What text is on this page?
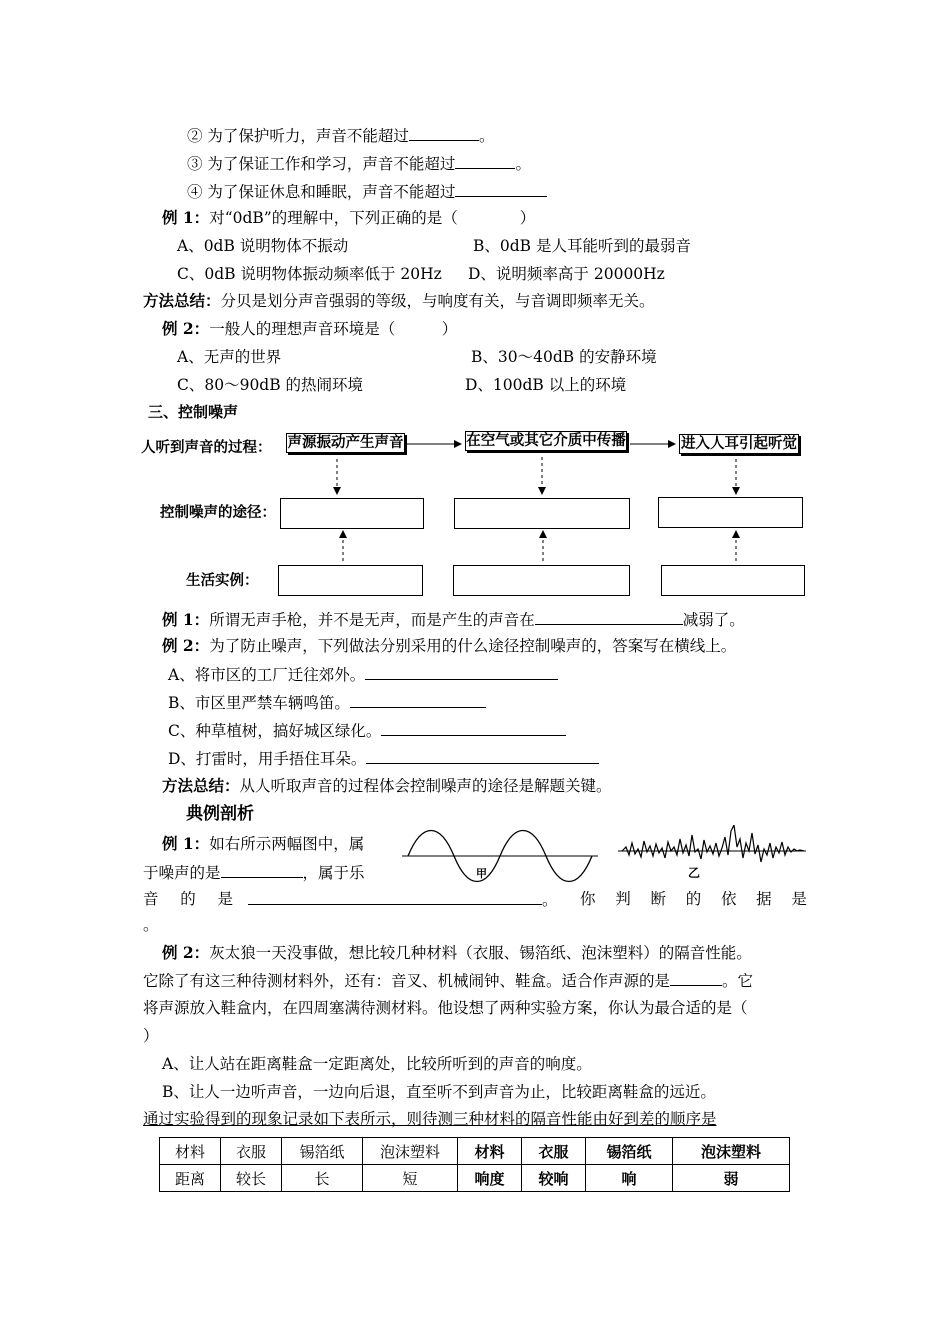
② 为了保护听力，声音不能超过	。
③ 为了保证工作和学习，声音不能超过	。
④ 为了保证休息和睡眠，声音不能超过
例 1：对“0dB”的理解中，下列正确的是（　　　　）
A、0dB 说明物体不振动	B、0dB 是人耳能听到的最弱音
C、0dB 说明物体振动频率低于 20Hz D、说明频率高于 20000Hz
方法总结：分贝是划分声音强弱的等级，与响度有关，与音调即频率无关。
例 2：一般人的理想声音环境是（　　　）
A、无声的世界	B、30～40dB 的安静环境
C、80～90dB 的热闹环境	D、100dB 以上的环境
三、控制噪声
人听到声音的过程： 声源振动产生声音	在空气或其它介质中传播	进入人耳引起听觉
控制噪声的途径：
生活实例：
例 1：所谓无声手枪，并不是无声，而是产生的声音在	减弱了。
例 2：为了防止噪声，下列做法分别采用的什么途径控制噪声的，答案写在横线上。
A、将市区的工厂迁往郊外。
B、市区里严禁车辆鸣笛。
C、种草植树，搞好城区绿化。
D、打雷时，用手捂住耳朵。
方法总结：从人听取声音的过程体会控制噪声的途径是解题关键。
典例剖析
例 1：如右所示两幅图中，属
于噪声的是	，属于乐
音 的 是	。 你 判 断 的 依 据 是
。
甲	乙
例 2：灰太狼一天没事做，想比较几种材料（衣服、锡箔纸、泡沫塑料）的隔音性能。
它除了有这三种待测材料外，还有：音叉、机械闹钟、鞋盒。适合作声源的是	。它
将声源放入鞋盒内，在四周塞满待测材料。他设想了两种实验方案，你认为最合适的是（
）
A、让人站在距离鞋盒一定距离处，比较所听到的声音的响度。
B、让人一边听声音，一边向后退，直至听不到声音为止，比较距离鞋盒的远近。
通过实验得到的现象记录如下表所示，则待测三种材料的隔音性能由好到差的顺序是
材料	衣服	锡箔纸	泡沫塑料	材料	衣服	锡箔纸	泡沫塑料
距离	较长	长	短	响度	较响	响	弱
